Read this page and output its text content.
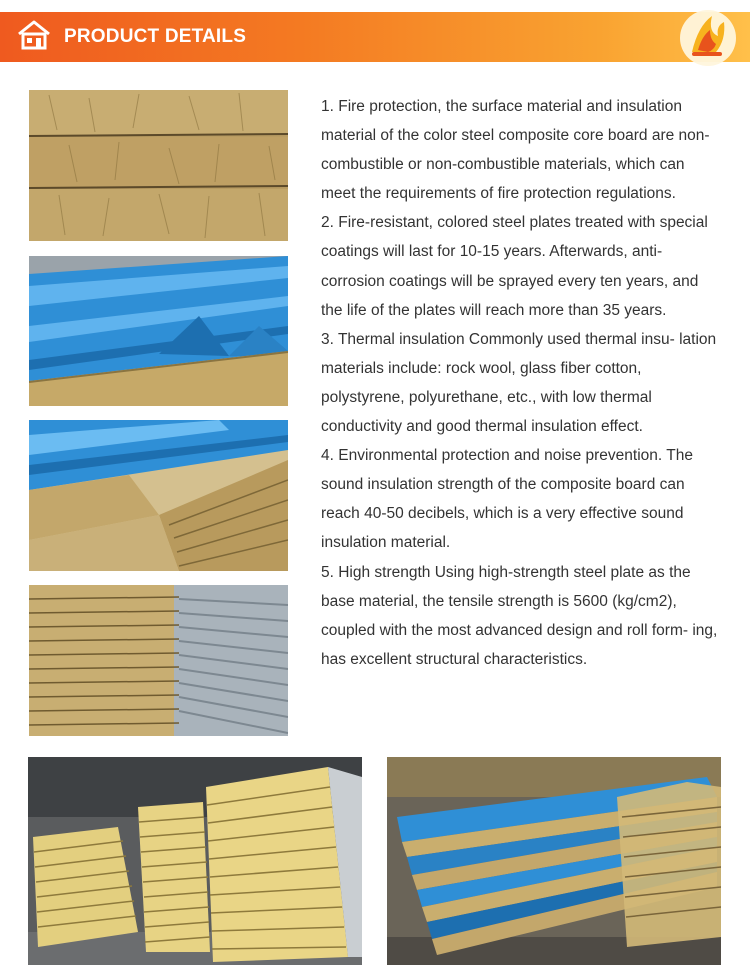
PRODUCT DETAILS

1. Fire protection, the surface material and insulation material of the color steel composite core board are non-combustible or non-combustible materials, which can meet the requirements of fire protection regulations.

2. Fire-resistant, colored steel plates treated with special coatings will last for 10-15 years. Afterwards, anti-corrosion coatings will be sprayed every ten years, and the life of the plates will reach more than 35 years.

3. Thermal insulation Commonly used thermal insu- lation materials include: rock wool, glass fiber cotton, polystyrene, polyurethane, etc., with low thermal conductivity and good thermal insulation effect.

4. Environmental protection and noise prevention. The sound insulation strength of the composite board can reach 40-50 decibels, which is a very effective sound insulation material.

5. High strength Using high-strength steel plate as the base material, the tensile strength is 5600 (kg/cm2), coupled with the most advanced design and roll form- ing, has excellent structural characteristics.
